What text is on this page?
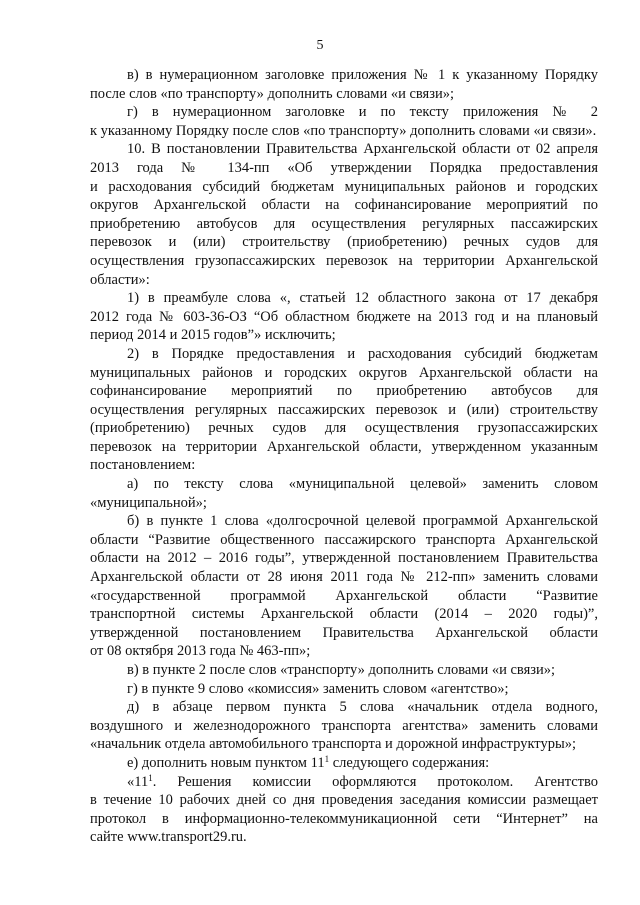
5
в) в нумерационном заголовке приложения № 1 к указанному Порядку
после слов «по транспорту» дополнить словами «и связи»;
г) в нумерационном заголовке и по тексту приложения № 2
к указанному Порядку после слов «по транспорту» дополнить словами «и связи».
10. В постановлении Правительства Архангельской области от 02 апреля
2013 года № 134-пп «Об утверждении Порядка предоставления
и расходования субсидий бюджетам муниципальных районов и городских
округов Архангельской области на софинансирование мероприятий по
приобретению автобусов для осуществления регулярных пассажирских
перевозок и (или) строительству (приобретению) речных судов для
осуществления грузопассажирских перевозок на территории Архангельской
области»:
1) в преамбуле слова «, статьей 12 областного закона от 17 декабря
2012 года № 603-36-ОЗ “Об областном бюджете на 2013 год и на плановый
период 2014 и 2015 годов”» исключить;
2) в Порядке предоставления и расходования субсидий бюджетам
муниципальных районов и городских округов Архангельской области на
софинансирование мероприятий по приобретению автобусов для
осуществления регулярных пассажирских перевозок и (или) строительству
(приобретению) речных судов для осуществления грузопассажирских
перевозок на территории Архангельской области, утвержденном указанным
постановлением:
а) по тексту слова «муниципальной целевой» заменить словом
«муниципальной»;
б) в пункте 1 слова «долгосрочной целевой программой Архангельской
области “Развитие общественного пассажирского транспорта Архангельской
области на 2012 – 2016 годы”, утвержденной постановлением Правительства
Архангельской области от 28 июня 2011 года № 212-пп» заменить словами
«государственной программой Архангельской области “Развитие
транспортной системы Архангельской области (2014 – 2020 годы)”,
утвержденной постановлением Правительства Архангельской области
от 08 октября 2013 года № 463-пп»;
в) в пункте 2 после слов «транспорту» дополнить словами «и связи»;
г) в пункте 9 слово «комиссия» заменить словом «агентство»;
д) в абзаце первом пункта 5 слова «начальник отдела водного,
воздушного и железнодорожного транспорта агентства» заменить словами
«начальник отдела автомобильного транспорта и дорожной инфраструктуры»;
е) дополнить новым пунктом $11^1$ следующего содержания:
«$11^1$. Решения комиссии оформляются протоколом. Агентство
в течение 10 рабочих дней со дня проведения заседания комиссии размещает
протокол в информационно-телекоммуникационной сети “Интернет” на
сайте www.transport29.ru.
